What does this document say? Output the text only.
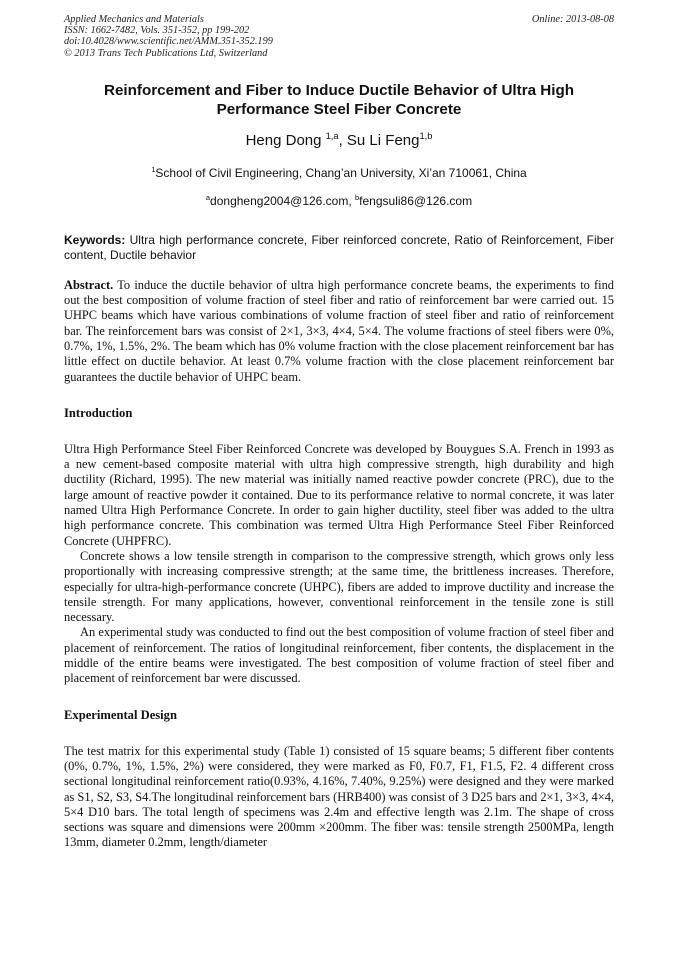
Applied Mechanics and Materials
ISSN: 1662-7482, Vols. 351-352, pp 199-202
doi:10.4028/www.scientific.net/AMM.351-352.199
© 2013 Trans Tech Publications Ltd, Switzerland
Online: 2013-08-08
Reinforcement and Fiber to Induce Ductile Behavior of Ultra High Performance Steel Fiber Concrete
Heng Dong $^{1,a}$, Su Li Feng$^{1,b}$
$^1$School of Civil Engineering, Chang’an University, Xi’an 710061, China
$^a$dongheng2004@126.com, $^b$fengsuli86@126.com
Keywords: Ultra high performance concrete, Fiber reinforced concrete, Ratio of Reinforcement, Fiber content, Ductile behavior
Abstract. To induce the ductile behavior of ultra high performance concrete beams, the experiments to find out the best composition of volume fraction of steel fiber and ratio of reinforcement bar were carried out. 15 UHPC beams which have various combinations of volume fraction of steel fiber and ratio of reinforcement bar. The reinforcement bars was consist of 2×1, 3×3, 4×4, 5×4. The volume fractions of steel fibers were 0%, 0.7%, 1%, 1.5%, 2%. The beam which has 0% volume fraction with the close placement reinforcement bar has little effect on ductile behavior. At least 0.7% volume fraction with the close placement reinforcement bar guarantees the ductile behavior of UHPC beam.
Introduction

Ultra High Performance Steel Fiber Reinforced Concrete was developed by Bouygues S.A. French in 1993 as a new cement-based composite material with ultra high compressive strength, high durability and high ductility (Richard, 1995). The new material was initially named reactive powder concrete (PRC), due to the large amount of reactive powder it contained. Due to its performance relative to normal concrete, it was later named Ultra High Performance Concrete. In order to gain higher ductility, steel fiber was added to the ultra high performance concrete. This combination was termed Ultra High Performance Steel Fiber Reinforced Concrete (UHPFRC).

Concrete shows a low tensile strength in comparison to the compressive strength, which grows only less proportionally with increasing compressive strength; at the same time, the brittleness increases. Therefore, especially for ultra-high-performance concrete (UHPC), fibers are added to improve ductility and increase the tensile strength. For many applications, however, conventional reinforcement in the tensile zone is still necessary.

An experimental study was conducted to find out the best composition of volume fraction of steel fiber and placement of reinforcement. The ratios of longitudinal reinforcement, fiber contents, the displacement in the middle of the entire beams were investigated. The best composition of volume fraction of steel fiber and placement of reinforcement bar were discussed.

Experimental Design

The test matrix for this experimental study (Table 1) consisted of 15 square beams; 5 different fiber contents (0%, 0.7%, 1%, 1.5%, 2%) were considered, they were marked as F0, F0.7, F1, F1.5, F2. 4 different cross sectional longitudinal reinforcement ratio(0.93%, 4.16%, 7.40%, 9.25%) were designed and they were marked as S1, S2, S3, S4.The longitudinal reinforcement bars (HRB400) was consist of 3 D25 bars and 2×1, 3×3, 4×4, 5×4 D10 bars. The total length of specimens was 2.4m and effective length was 2.1m. The shape of cross sections was square and dimensions were 200mm ×200mm. The fiber was: tensile strength 2500MPa, length 13mm, diameter 0.2mm, length/diameter
